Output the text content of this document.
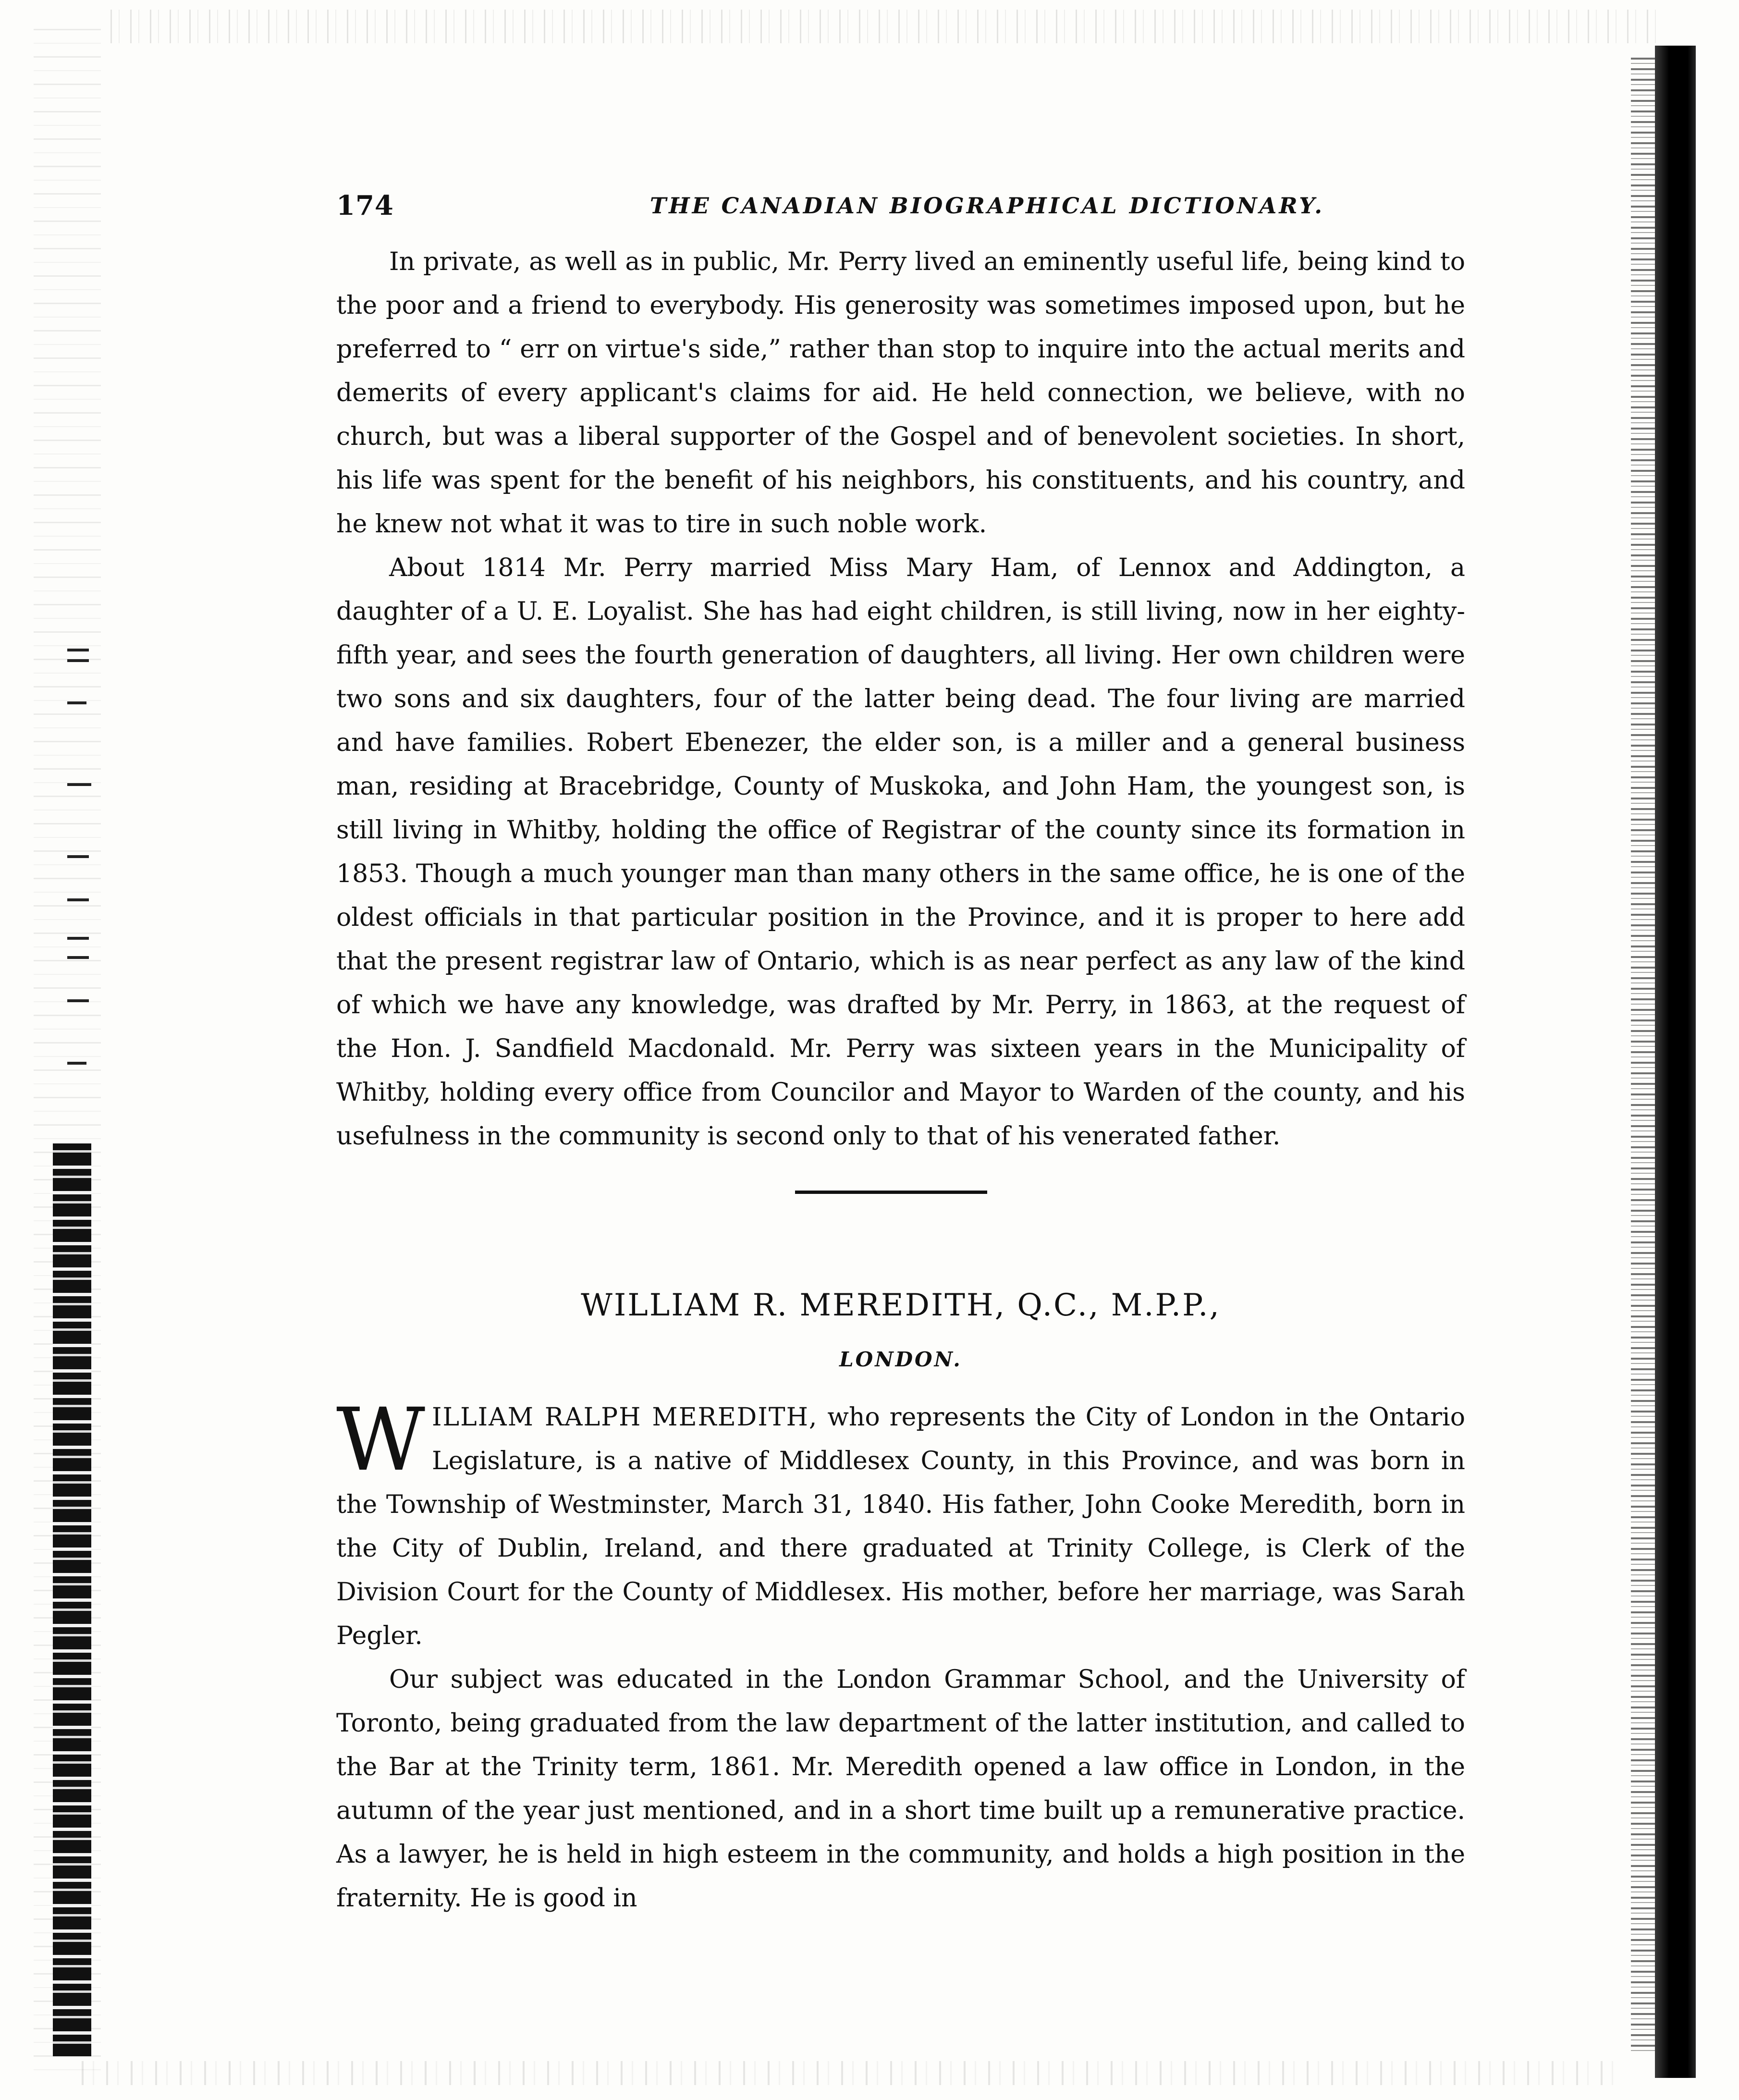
174	THE CANADIAN BIOGRAPHICAL DICTIONARY.

In private, as well as in public, Mr. Perry lived an eminently useful life, being kind to the poor and a friend to everybody. His generosity was sometimes imposed upon, but he preferred to “ err on virtue's side,” rather than stop to inquire into the actual merits and demerits of every applicant's claims for aid. He held connection, we believe, with no church, but was a liberal supporter of the Gospel and of benevolent societies. In short, his life was spent for the benefit of his neighbors, his constituents, and his country, and he knew not what it was to tire in such noble work.

About 1814 Mr. Perry married Miss Mary Ham, of Lennox and Addington, a daughter of a U. E. Loyalist. She has had eight children, is still living, now in her eighty-fifth year, and sees the fourth generation of daughters, all living. Her own children were two sons and six daughters, four of the latter being dead. The four living are married and have families. Robert Ebenezer, the elder son, is a miller and a general business man, residing at Bracebridge, County of Muskoka, and John Ham, the youngest son, is still living in Whitby, holding the office of Registrar of the county since its formation in 1853. Though a much younger man than many others in the same office, he is one of the oldest officials in that particular position in the Province, and it is proper to here add that the present registrar law of Ontario, which is as near perfect as any law of the kind of which we have any knowledge, was drafted by Mr. Perry, in 1863, at the request of the Hon. J. Sandfield Macdonald. Mr. Perry was sixteen years in the Municipality of Whitby, holding every office from Councilor and Mayor to Warden of the county, and his usefulness in the community is second only to that of his venerated father.

WILLIAM R. MEREDITH, Q.C., M.P.P.,
LONDON.

WILLIAM RALPH MEREDITH, who represents the City of London in the Ontario Legislature, is a native of Middlesex County, in this Province, and was born in the Township of Westminster, March 31, 1840. His father, John Cooke Meredith, born in the City of Dublin, Ireland, and there graduated at Trinity College, is Clerk of the Division Court for the County of Middlesex. His mother, before her marriage, was Sarah Pegler.

Our subject was educated in the London Grammar School, and the University of Toronto, being graduated from the law department of the latter institution, and called to the Bar at the Trinity term, 1861. Mr. Meredith opened a law office in London, in the autumn of the year just mentioned, and in a short time built up a remunerative practice. As a lawyer, he is held in high esteem in the community, and holds a high position in the fraternity. He is good in
